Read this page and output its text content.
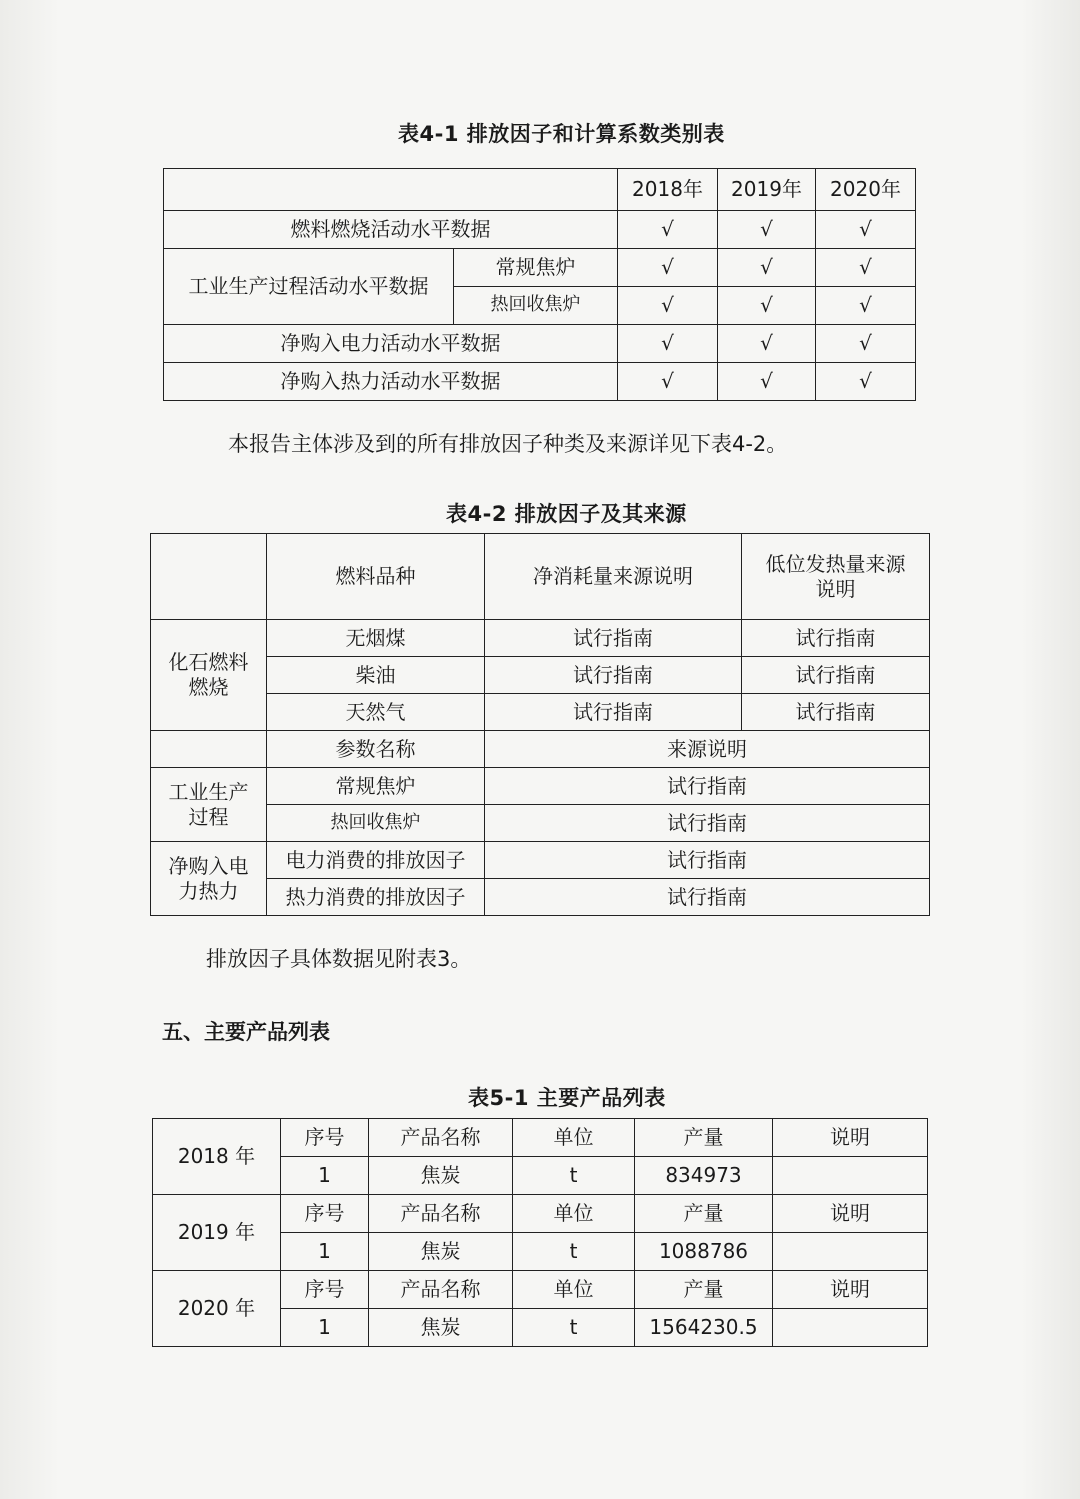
表4-1 排放因子和计算系数类别表
		2018年	2019年	2020年
燃料燃烧活动水平数据		√	√	√
工业生产过程活动水平数据	常规焦炉	√	√	√
	热回收焦炉	√	√	√
净购入电力活动水平数据		√	√	√
净购入热力活动水平数据		√	√	√
本报告主体涉及到的所有排放因子种类及来源详见下表4-2。
表4-2 排放因子及其来源
	燃料品种	净消耗量来源说明	低位发热量来源说明
化石燃料燃烧	无烟煤	试行指南	试行指南
	柴油	试行指南	试行指南
	天然气	试行指南	试行指南
	参数名称	来源说明	
工业生产过程	常规焦炉	试行指南	
	热回收焦炉	试行指南	
净购入电力热力	电力消费的排放因子	试行指南	
	热力消费的排放因子	试行指南	
排放因子具体数据见附表3。
五、主要产品列表
表5-1 主要产品列表
2018 年	序号	产品名称	单位	产量	说明
	1	焦炭	t	834973	
2019 年	序号	产品名称	单位	产量	说明
	1	焦炭	t	1088786	
2020 年	序号	产品名称	单位	产量	说明
	1	焦炭	t	1564230.5	
